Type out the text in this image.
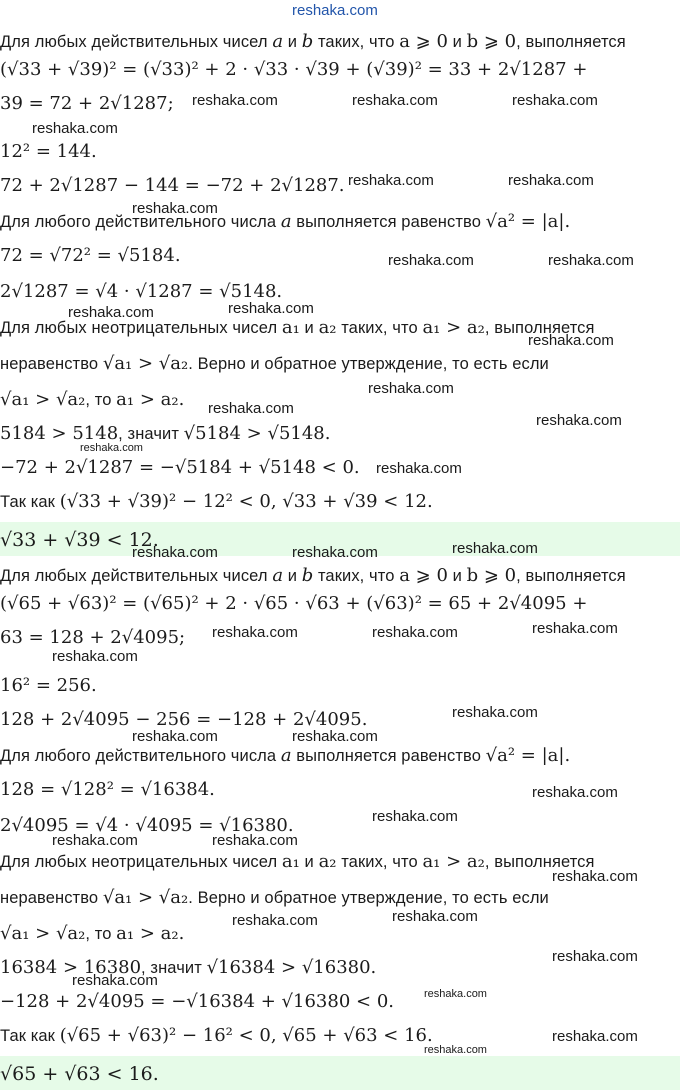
reshaka.com
Для любых действительных чисел a и b таких, что a ⩾ 0 и b ⩾ 0, выполняется
(√33 + √39)² = (√33)² + 2 · √33 · √39 + (√39)² = 33 + 2√1287 +
39 = 72 + 2√1287;
12² = 144.
72 + 2√1287 − 144 = −72 + 2√1287.
Для любого действительного числа a выполняется равенство √a² = |a|.
72 = √72² = √5184.
2√1287 = √4 · √1287 = √5148.
Для любых неотрицательных чисел a₁ и a₂ таких, что a₁ > a₂, выполняется
неравенство √a₁ > √a₂. Верно и обратное утверждение, то есть если
√a₁ > √a₂, то a₁ > a₂.
5184 > 5148, значит √5184 > √5148.
−72 + 2√1287 = −√5184 + √5148 < 0.
Так как (√33 + √39)² − 12² < 0, √33 + √39 < 12.
√33 + √39 < 12.
Для любых действительных чисел a и b таких, что a ⩾ 0 и b ⩾ 0, выполняется
(√65 + √63)² = (√65)² + 2 · √65 · √63 + (√63)² = 65 + 2√4095 +
63 = 128 + 2√4095;
16² = 256.
128 + 2√4095 − 256 = −128 + 2√4095.
Для любого действительного числа a выполняется равенство √a² = |a|.
128 = √128² = √16384.
2√4095 = √4 · √4095 = √16380.
Для любых неотрицательных чисел a₁ и a₂ таких, что a₁ > a₂, выполняется
неравенство √a₁ > √a₂. Верно и обратное утверждение, то есть если
√a₁ > √a₂, то a₁ > a₂.
16384 > 16380, значит √16384 > √16380.
−128 + 2√4095 = −√16384 + √16380 < 0.
Так как (√65 + √63)² − 16² < 0, √65 + √63 < 16.
√65 + √63 < 16.
reshaka.com	reshaka.com	reshaka.com
reshaka.com
reshaka.com	reshaka.com
reshaka.com
reshaka.com	reshaka.com
reshaka.com
reshaka.com
reshaka.com
reshaka.com
reshaka.com
reshaka.com
reshaka.com
reshaka.com
reshaka.com	reshaka.com	reshaka.com
reshaka.com	reshaka.com	reshaka.com
reshaka.com
reshaka.com
reshaka.com	reshaka.com
reshaka.com
reshaka.com
reshaka.com	reshaka.com
reshaka.com
reshaka.com
reshaka.com
reshaka.com
reshaka.com
reshaka.com
reshaka.com
reshaka.com
